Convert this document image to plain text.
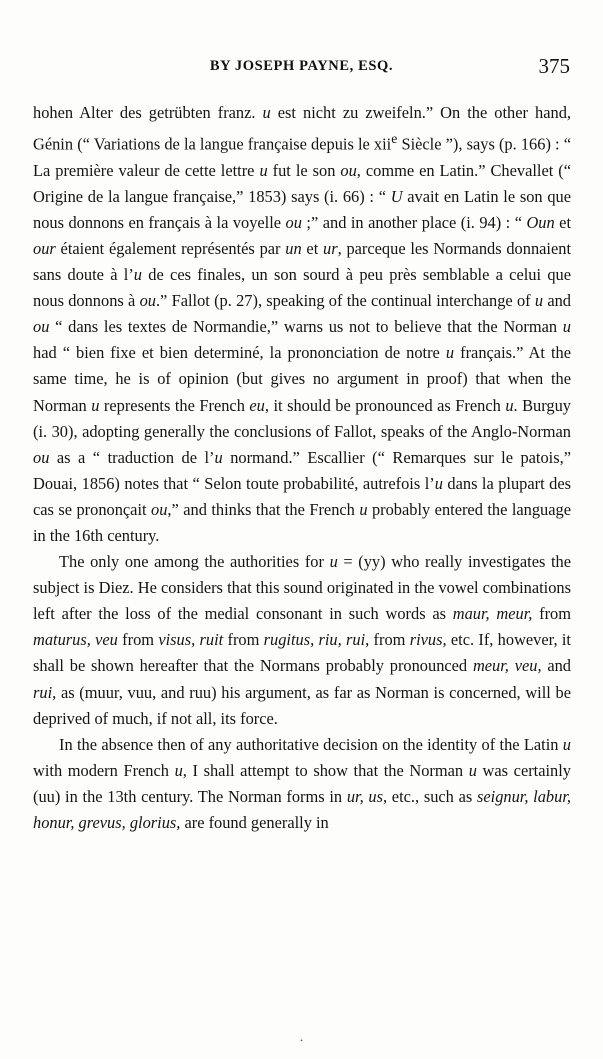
BY JOSEPH PAYNE, ESQ.	375

hohen Alter des getrübten franz. u est nicht zu zweifeln.” On the other hand, Génin (“ Variations de la langue française depuis le xii$^e$ Siècle ”), says (p. 166) : “ La première valeur de cette lettre u fut le son ou, comme en Latin.” Chevallet (“ Origine de la langue française,” 1853) says (i. 66) : “ U avait en Latin le son que nous donnons en français à la voyelle ou ;” and in another place (i. 94) : “ Oun et our étaient également représentés par un et ur, parceque les Normands donnaient sans doute à l’u de ces finales, un son sourd à peu près semblable a celui que nous donnons à ou.” Fallot (p. 27), speaking of the continual interchange of u and ou “ dans les textes de Normandie,” warns us not to believe that the Norman u had “ bien fixe et bien determiné, la prononciation de notre u français.” At the same time, he is of opinion (but gives no argument in proof) that when the Norman u represents the French eu, it should be pronounced as French u. Burguy (i. 30), adopting generally the conclusions of Fallot, speaks of the Anglo-Norman ou as a “ traduction de l’u normand.” Escallier (“ Remarques sur le patois,” Douai, 1856) notes that “ Selon toute probabilité, autrefois l’u dans la plupart des cas se prononçait ou,” and thinks that the French u probably entered the language in the 16th century.

The only one among the authorities for u = (yy) who really investigates the subject is Diez. He considers that this sound originated in the vowel combinations left after the loss of the medial consonant in such words as maur, meur, from maturus, veu from visus, ruit from rugitus, riu, rui, from rivus, etc. If, however, it shall be shown hereafter that the Normans probably pronounced meur, veu, and rui, as (muur, vuu, and ruu) his argument, as far as Norman is concerned, will be deprived of much, if not all, its force.

In the absence then of any authoritative decision on the identity of the Latin u with modern French u, I shall attempt to show that the Norman u was certainly (uu) in the 13th century. The Norman forms in ur, us, etc., such as seignur, labur, honur, grevus, glorius, are found generally in

.
